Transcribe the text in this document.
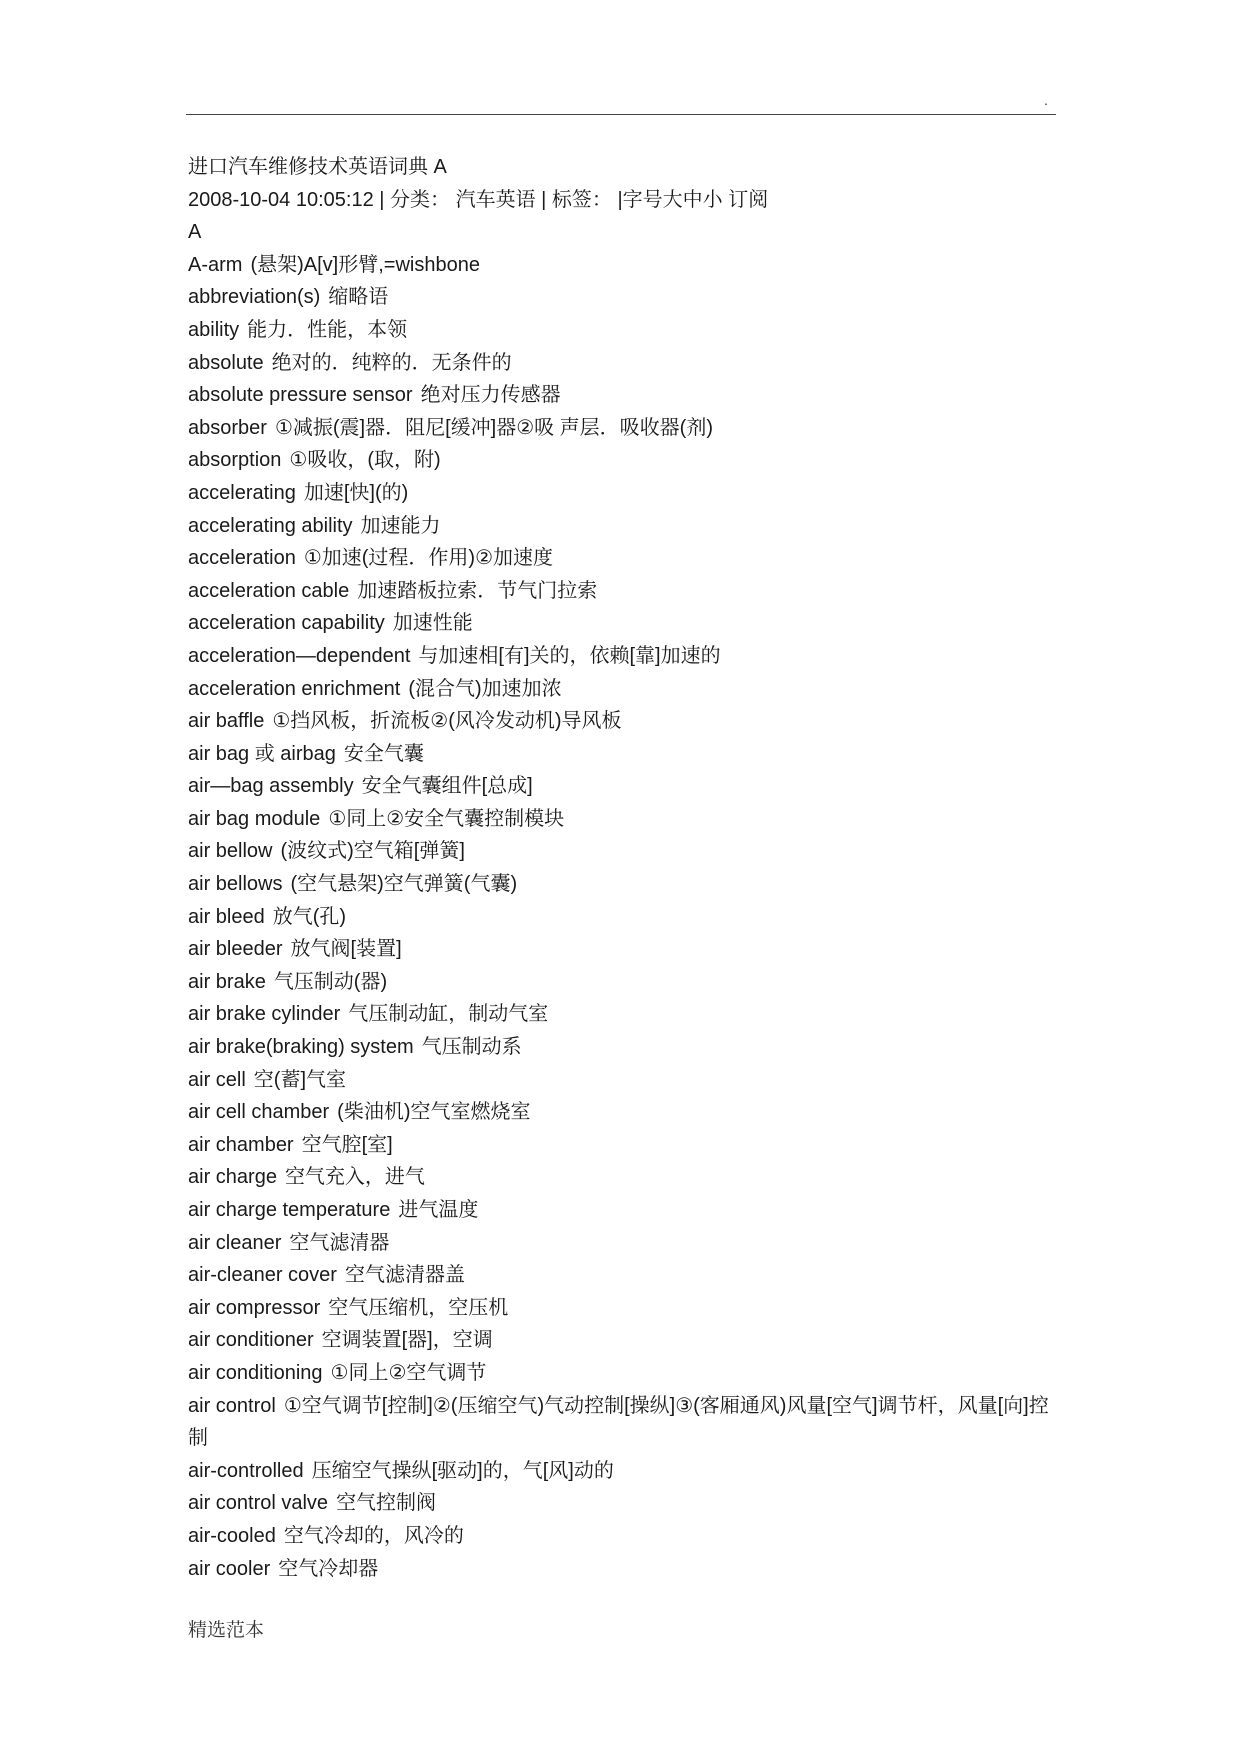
.

进口汽车维修技术英语词典 A

2008-10-04 10:05:12 | 分类： 汽车英语 | 标签： |字号大中小 订阅

A

A-arm (悬架)A[v]形臂,=wishbone

abbreviation(s) 缩略语

ability 能力．性能，本领

absolute 绝对的．纯粹的．无条件的

absolute pressure sensor 绝对压力传感器

absorber ①减振(震]器．阻尼[缓冲]器②吸 声层．吸收器(剂)

absorption ①吸收，(取，附)

accelerating 加速[快](的)

accelerating ability 加速能力

acceleration ①加速(过程．作用)②加速度

acceleration cable 加速踏板拉索．节气门拉索

acceleration capability 加速性能

acceleration—dependent 与加速相[有]关的，依赖[靠]加速的

acceleration enrichment (混合气)加速加浓

air baffle ①挡风板，折流板②(风冷发动机)导风板

air bag 或 airbag 安全气囊

air—bag assembly 安全气囊组件[总成]

air bag module ①同上②安全气囊控制模块

air bellow (波纹式)空气箱[弹簧]

air bellows (空气悬架)空气弹簧(气囊)

air bleed 放气(孔)

air bleeder 放气阀[装置]

air brake 气压制动(器)

air brake cylinder 气压制动缸，制动气室

air brake(braking) system 气压制动系

air cell 空(蓄]气室

air cell chamber (柴油机)空气室燃烧室

air chamber 空气腔[室]

air charge 空气充入，进气

air charge temperature 进气温度

air cleaner 空气滤清器

air-cleaner cover 空气滤清器盖

air compressor 空气压缩机，空压机

air conditioner 空调装置[器]，空调

air conditioning ①同上②空气调节

air control ①空气调节[控制]②(压缩空气)气动控制[操纵]③(客厢通风)风量[空气]调节杆，风量[向]控制

air-controlled 压缩空气操纵[驱动]的，气[风]动的

air control valve 空气控制阀

air-cooled 空气冷却的，风冷的

air cooler 空气冷却器

精选范本
